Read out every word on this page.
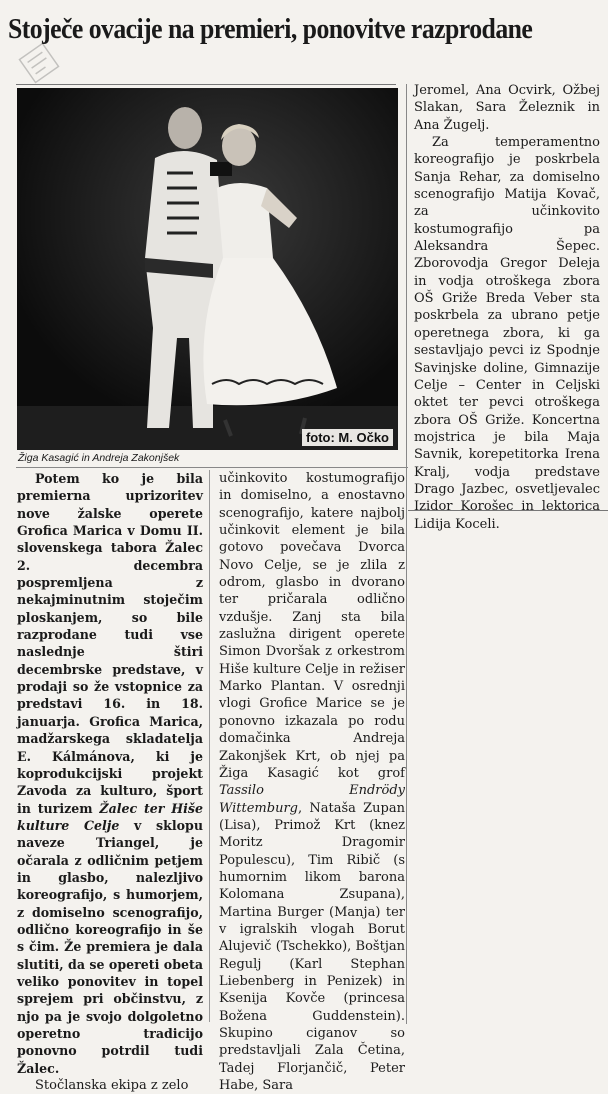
Stoječe ovacije na premieri, ponovitve razprodane
foto: M. Očko
Žiga Kasagić in Andreja Zakonjšek

Potem ko je bila premierna uprizoritev nove žalske operete Grofica Marica v Domu II. slovenskega tabora Žalec 2. decembra pospremljena z nekajminutnim stoječim ploskanjem, so bile razprodane tudi vse naslednje štiri decembrske predstave, v prodaji so že vstopnice za predstavi 16. in 18. januarja. Grofica Marica, madžarskega skladatelja E. Kálmánova, ki je koprodukcijski projekt Zavoda za kulturo, šport in turizem Žalec ter Hiše kulture Celje v sklopu naveze Triangel, je očarala z odličnim petjem in glasbo, nalezljivo koreografijo, s humorjem, z domiselno scenografijo, odlično koreografijo in še s čim. Že premiera je dala slutiti, da se opereti obeta veliko ponovitev in topel sprejem pri občinstvu, z njo pa je svojo dolgoletno operetno tradicijo ponovno potrdil tudi Žalec.

Stočlanska ekipa z zelo

učinkovito kostumografijo in domiselno, a enostavno scenografijo, katere najbolj učinkovit element je bila gotovo povečava Dvorca Novo Celje, se je zlila z odrom, glasbo in dvorano ter pričarala odlično vzdušje. Zanj sta bila zaslužna dirigent operete Simon Dvoršak z orkestrom Hiše kulture Celje in režiser Marko Plantan. V osrednji vlogi Grofice Marice se je ponovno izkazala po rodu domačinka Andreja Zakonjšek Krt, ob njej pa Žiga Kasagić kot grof Tassilo Endrödy Wittemburg, Nataša Zupan (Lisa), Primož Krt (knez Moritz Dragomir Populescu), Tim Ribič (s humornim likom barona Kolomana Zsupana), Martina Burger (Manja) ter v igralskih vlogah Borut Alujevič (Tschekko), Boštjan Regulj (Karl Stephan Liebenberg in Penizek) in Ksenija Kovče (princesa Božena Guddenstein). Skupino ciganov so predstavljali Zala Četina, Tadej Florjančič, Peter Habe, Sara

Jeromel, Ana Ocvirk, Ožbej Slakan, Sara Železnik in Ana Žugelj.

Za temperamentno koreografijo je poskrbela Sanja Rehar, za domiselno scenografijo Matija Kovač, za učinkovito kostumografijo pa Aleksandra Šepec. Zborovodja Gregor Deleja in vodja otroškega zbora OŠ Griže Breda Veber sta poskrbela za ubrano petje operetnega zbora, ki ga sestavljajo pevci iz Spodnje Savinjske doline, Gimnazije Celje – Center in Celjski oktet ter pevci otroškega zbora OŠ Griže. Koncertna mojstrica je bila Maja Savnik, korepetitorka Irena Kralj, vodja predstave Drago Jazbec, osvetljevalec Izidor Korošec in lektorica Lidija Koceli.
